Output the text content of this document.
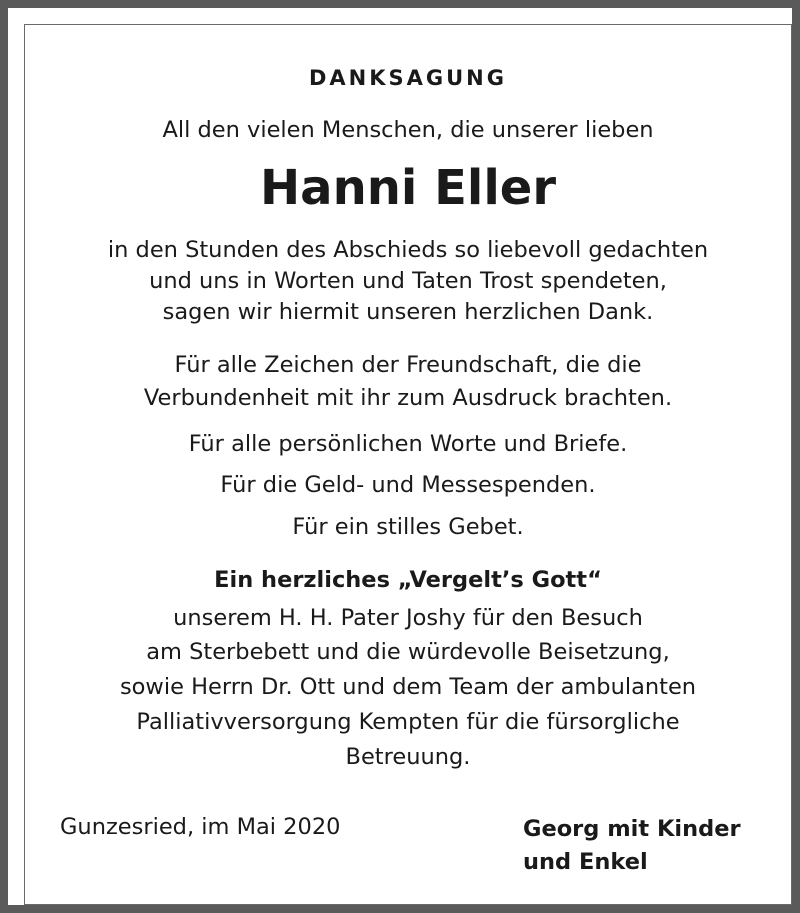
DANKSAGUNG
All den vielen Menschen, die unserer lieben
Hanni Eller
in den Stunden des Abschieds so liebevoll gedachten
und uns in Worten und Taten Trost spendeten,
sagen wir hiermit unseren herzlichen Dank.
Für alle Zeichen der Freundschaft, die die
Verbundenheit mit ihr zum Ausdruck brachten.
Für alle persönlichen Worte und Briefe.
Für die Geld- und Messespenden.
Für ein stilles Gebet.
Ein herzliches „Vergelt’s Gott“
unserem H. H. Pater Joshy für den Besuch
am Sterbebett und die würdevolle Beisetzung,
sowie Herrn Dr. Ott und dem Team der ambulanten
Palliativversorgung Kempten für die fürsorgliche
Betreuung.
Gunzesried, im Mai 2020	Georg mit Kinder
und Enkel
